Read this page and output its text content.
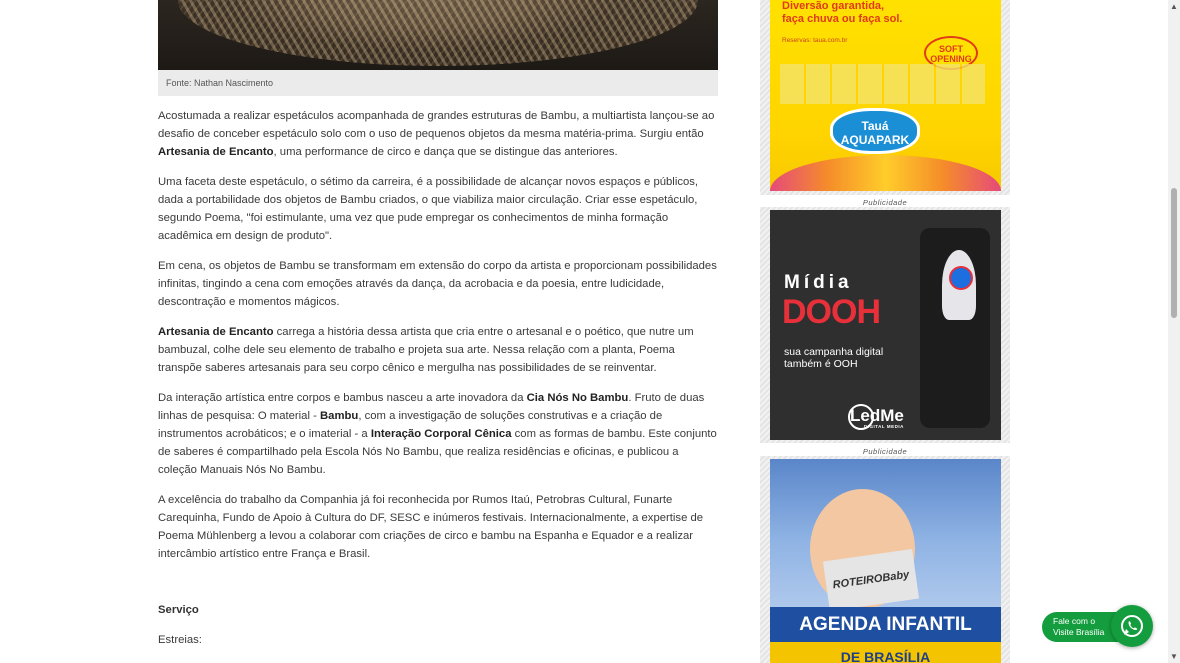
Fonte: Nathan Nascimento

Acostumada a realizar espetáculos acompanhada de grandes estruturas de Bambu, a multiartista lançou-se ao desafio de conceber espetáculo solo com o uso de pequenos objetos da mesma matéria-prima. Surgiu então Artesania de Encanto, uma performance de circo e dança que se distingue das anteriores.

Uma faceta deste espetáculo, o sétimo da carreira, é a possibilidade de alcançar novos espaços e públicos, dada a portabilidade dos objetos de Bambu criados, o que viabiliza maior circulação. Criar esse espetáculo, segundo Poema, "foi estimulante, uma vez que pude empregar os conhecimentos de minha formação acadêmica em design de produto".

Em cena, os objetos de Bambu se transformam em extensão do corpo da artista e proporcionam possibilidades infinitas, tingindo a cena com emoções através da dança, da acrobacia e da poesia, entre ludicidade, descontração e momentos mágicos.

Artesania de Encanto carrega a história dessa artista que cria entre o artesanal e o poético, que nutre um bambuzal, colhe dele seu elemento de trabalho e projeta sua arte. Nessa relação com a planta, Poema transpõe saberes artesanais para seu corpo cênico e mergulha nas possibilidades de se reinventar.

Da interação artística entre corpos e bambus nasceu a arte inovadora da Cia Nós No Bambu. Fruto de duas linhas de pesquisa: O material - Bambu, com a investigação de soluções construtivas e a criação de instrumentos acrobáticos; e o imaterial - a Interação Corporal Cênica com as formas de bambu. Este conjunto de saberes é compartilhado pela Escola Nós No Bambu, que realiza residências e oficinas, e publicou a coleção Manuais Nós No Bambu.

A excelência do trabalho da Companhia já foi reconhecida por Rumos Itaú, Petrobras Cultural, Funarte Carequinha, Fundo de Apoio à Cultura do DF, SESC e inúmeros festivais. Internacionalmente, a expertise de Poema Mühlenberg a levou a colaborar com criações de circo e bambu na Espanha e Equador e a realizar intercâmbio artístico entre França e Brasil.

Serviço
Estreias:
Diversão garantida,
faça chuva ou faça sol.
Reservas: taua.com.br
SOFT
OPENING
Tauá
AQUAPARK
Publicidade
Mídia
DOOH
sua campanha digital
também é OOH
LedMe
DIGITAL MEDIA
Publicidade
ROTEIROBaby
AGENDA INFANTIL
DE BRASÍLIA
▲
▼
Fale com o
Visite Brasília
